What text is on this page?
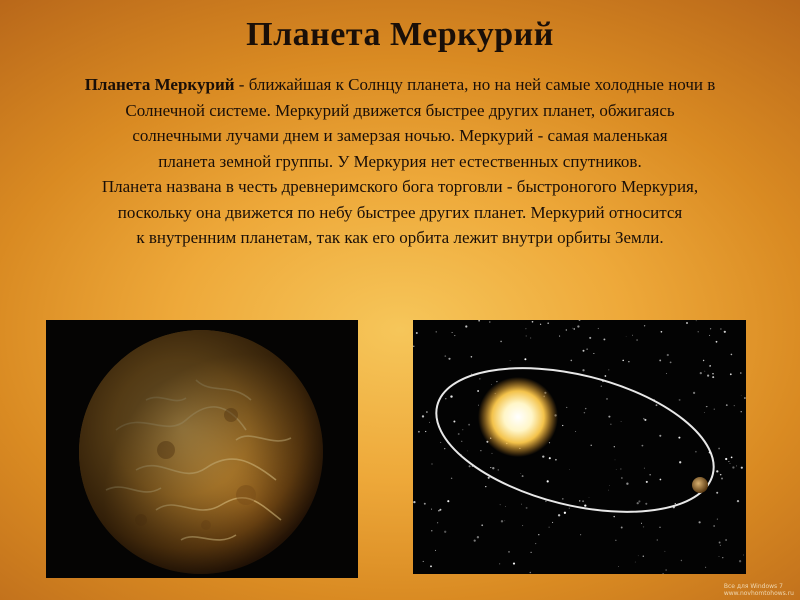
Планета Меркурий
Планета Меркурий - ближайшая к Солнцу планета, но на ней самые холодные ночи в
Солнечной системе. Меркурий движется быстрее других планет, обжигаясь
солнечными лучами днем и замерзая ночью. Меркурий - самая маленькая
планета земной группы. У Меркурия нет естественных спутников.
Планета названа в честь древнеримского бога торговли - быстроногого Меркурия,
поскольку она движется по небу быстрее других планет. Меркурий относится
к внутренним планетам, так как его орбита лежит внутри орбиты Земли.
Все для Windows 7
www.novhomtohows.ru
